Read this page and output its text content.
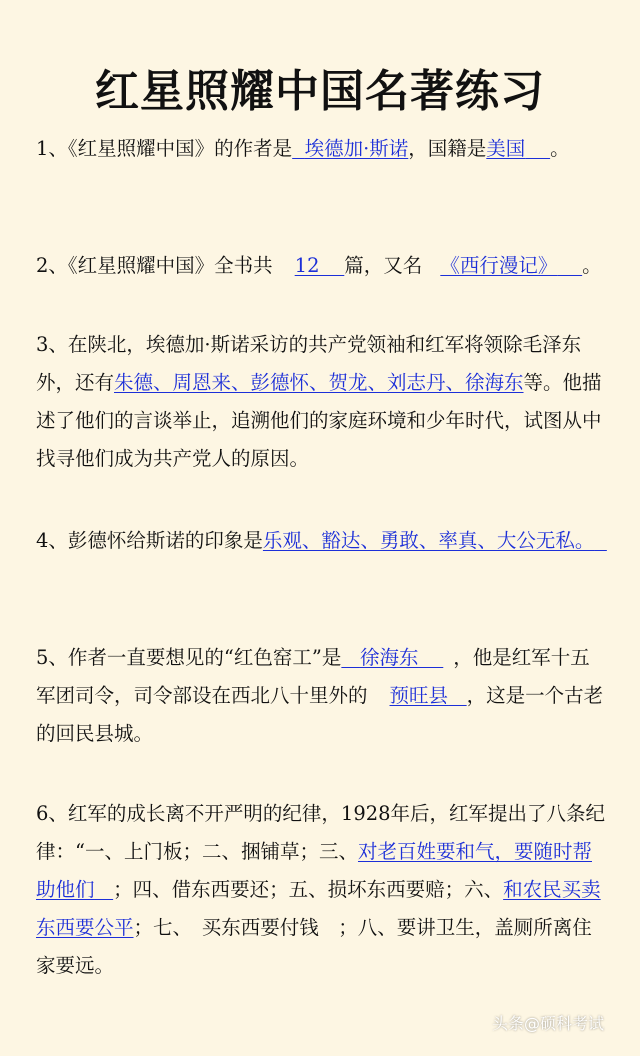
红星照耀中国名著练习
1、《红星照耀中国》的作者是 埃德加·斯诺，国籍是美国 。
2、《红星照耀中国》全书共 12 篇，又名 《西行漫记》 。
3、在陕北，埃德加·斯诺采访的共产党领袖和红军将领除毛泽东外，还有朱德、周恩来、彭德怀、贺龙、刘志丹、徐海东等。他描述了他们的言谈举止，追溯他们的家庭环境和少年时代，试图从中找寻他们成为共产党人的原因。
4、彭德怀给斯诺的印象是乐观、豁达、勇敢、率真、大公无私。
5、作者一直要想见的“红色窑工”是 徐海东 ，他是红军十五军团司令，司令部设在西北八十里外的 预旺县 ，这是一个古老的回民县城。
6、红军的成长离不开严明的纪律，1928年后，红军提出了八条纪律：“一、上门板；二、捆铺草；三、对老百姓要和气，要随时帮助他们 ；四、借东西要还；五、损坏东西要赔；六、和农民买卖东西要公平；七、　买东西要付钱　；八、要讲卫生，盖厕所离住家要远。
头条@硕科考试
